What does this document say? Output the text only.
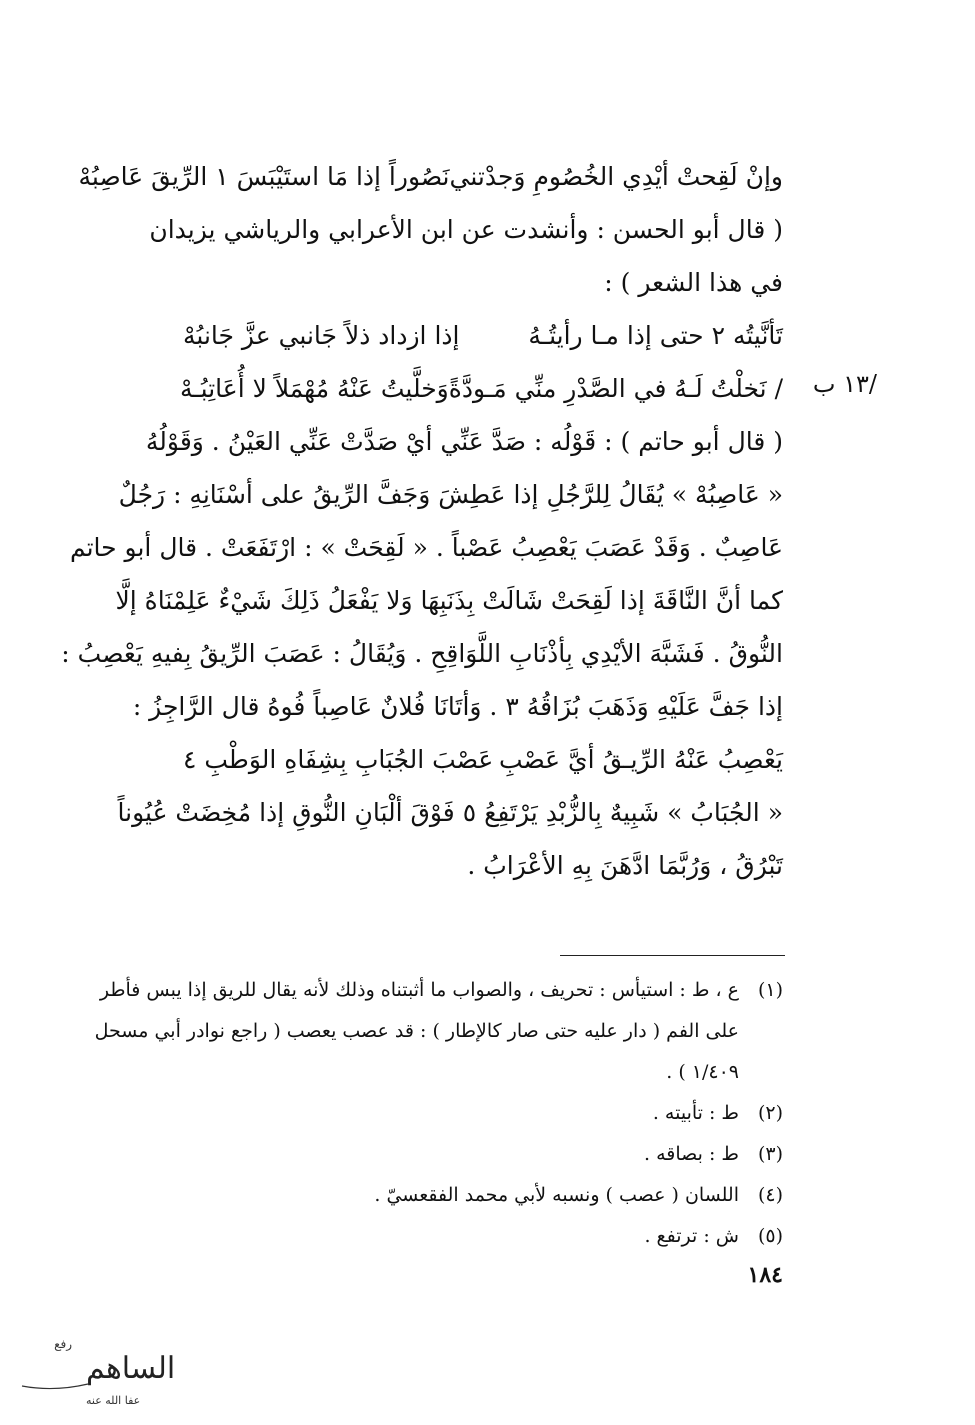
وإنْ لَقِحتْ أيْدِي الخُصُومِ وَجدْتني
نَصُوراً إذا مَا استَيْبَسَ ١ الرِّيقَ عَاصِبُهْ
( قال أبو الحسن : وأنشدت عن ابن الأعرابي والرياشي يزيدان
في هذا الشعر ) :
تَأنَّيتُه ٢ حتى إذا مـا رأيتُـهُ
إذا ازداد ذلاً جَانبي عزَّ جَانبُهْ
/ نَخلْتُ لَـهُ في الصَّدْرِ منِّي مَـودَّةً
وَخلَّيتُ عَنْهُ مُهْمَلاً لا أُعَاتِبُـهْ
( قال أبو حاتم ) : قَوْلُه : صَدَّ عَنِّي أيْ صَدَّتْ عَنِّي العَيْنُ . وَقَوْلُهُ
« عَاصِبُهْ » يُقَالُ لِلرَّجُلِ إذا عَطِشَ وَجَفَّ الرِّيقُ على أسْنَانِهِ : رَجُلٌ
عَاصِبٌ . وَقَدْ عَصَبَ يَعْصِبُ عَصْباً . « لَقِحَتْ » : ارْتَفَعَتْ . قال أبو حاتم
كما أنَّ النَّاقَةَ إذا لَقِحَتْ شَالَتْ بِذَنَبِهَا وَلا يَفْعَلُ ذَلِكَ شَيْءٌ عَلِمْنَاهُ إلَّا
النُّوقُ . فَشَبَّهَ الأيْدِي بِأذْنَابِ اللَّوَاقِحِ . وَيُقَالُ : عَصَبَ الرِّيقُ بِفيهِ يَعْصِبُ :
إذا جَفَّ عَلَيْهِ وَذَهَبَ بُزَاقُهُ ٣ . وَأتَانَا فُلانٌ عَاصِباً فُوهُ قال الرَّاجِزُ :
يَعْصِبُ عَنْهُ الرِّيـقُ أيَّ عَصْبِ
عَصْبَ الجُبَابِ بِشِفَاهِ الوَطْبِ ٤
« الجُبَابُ » شَبِيهٌ بِالزُّبْدِ يَرْتَفِعُ ٥ فَوْقَ ألْبَانِ النُّوقِ إذا مُخِضَتْ عُيُوناً
تَبْرُقُ ، وَرُبَّمَا ادَّهَنَ بِهِ الأعْرَابُ .
/١٣ ب
(١)ع ، ط : استيأس : تحريف ، والصواب ما أثبتناه وذلك لأنه يقال للريق إذا يبس فأطر
على الفم ( دار عليه حتى صار كالإطار ) : قد عصب يعصب ( راجع نوادر أبي مسحل
١/٤٠٩ ) .
(٢)ط : تأبيته .
(٣)ط : بصاقه .
(٤)اللسان ( عصب ) ونسبه لأبي محمد الفقعسيّ .
(٥)ش : ترتفع .
١٨٤
رفع
الساهم
عفا الله عنه
